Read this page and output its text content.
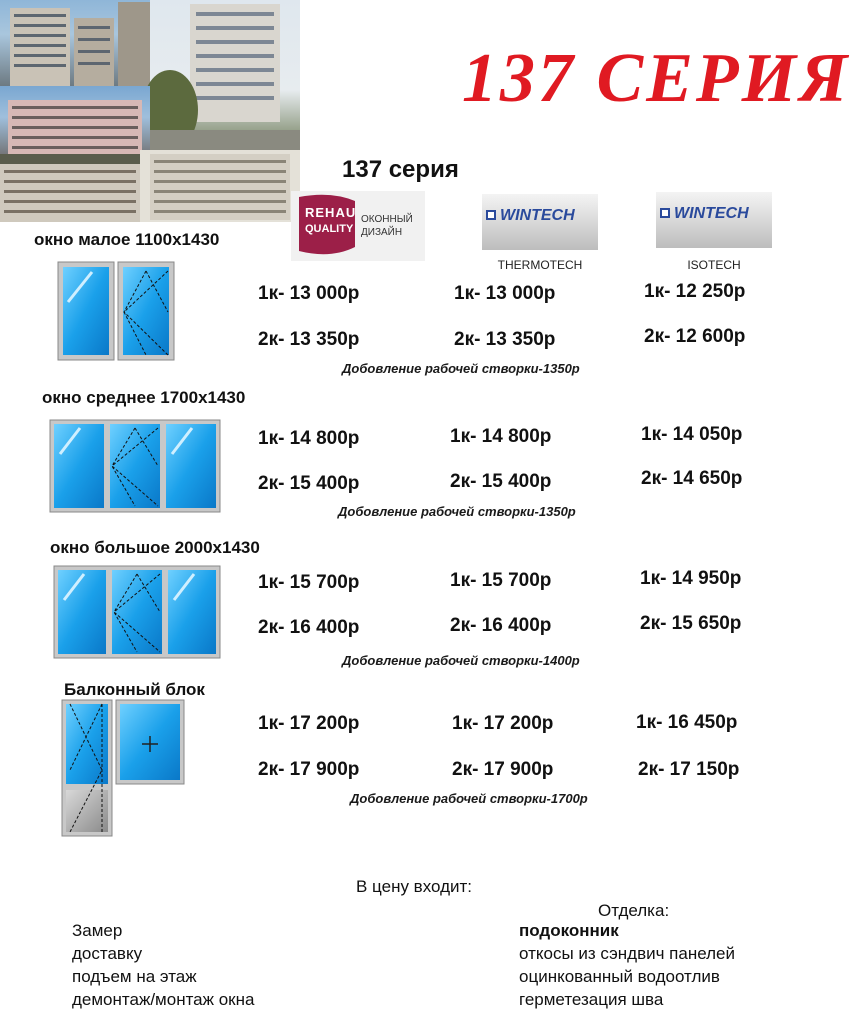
137 СЕРИЯ
137 серия
REHAU
QUALITY
ОКОННЫЙ ДИЗАЙН
WINTECH
THERMOTECH
WINTECH
ISOTECH
окно малое 1100х1430
окно среднее 1700х1430
окно большое 2000х1430
Балконный блок
1к- 13 000р	1к- 13 000р	1к- 12 250р
2к- 13 350р	2к- 13 350р	2к- 12 600р
Добовление рабочей створки-1350р
1к- 14 800р	1к- 14 800р	1к- 14 050р
2к- 15 400р	2к- 15 400р	2к- 14 650р
Добовление рабочей створки-1350р
1к- 15 700р	1к- 15 700р	1к- 14 950р
2к- 16 400р	2к- 16 400р	2к- 15 650р
Добовление рабочей створки-1400р
1к- 17 200р	1к- 17 200р	1к- 16 450р
2к- 17 900р	2к- 17 900р	2к- 17 150р
Добовление рабочей створки-1700р
В цену входит:
Отделка:
Замер
доставку
подъем на этаж
демонтаж/монтаж окна
подоконник
откосы из сэндвич панелей
оцинкованный водоотлив
герметезация шва
